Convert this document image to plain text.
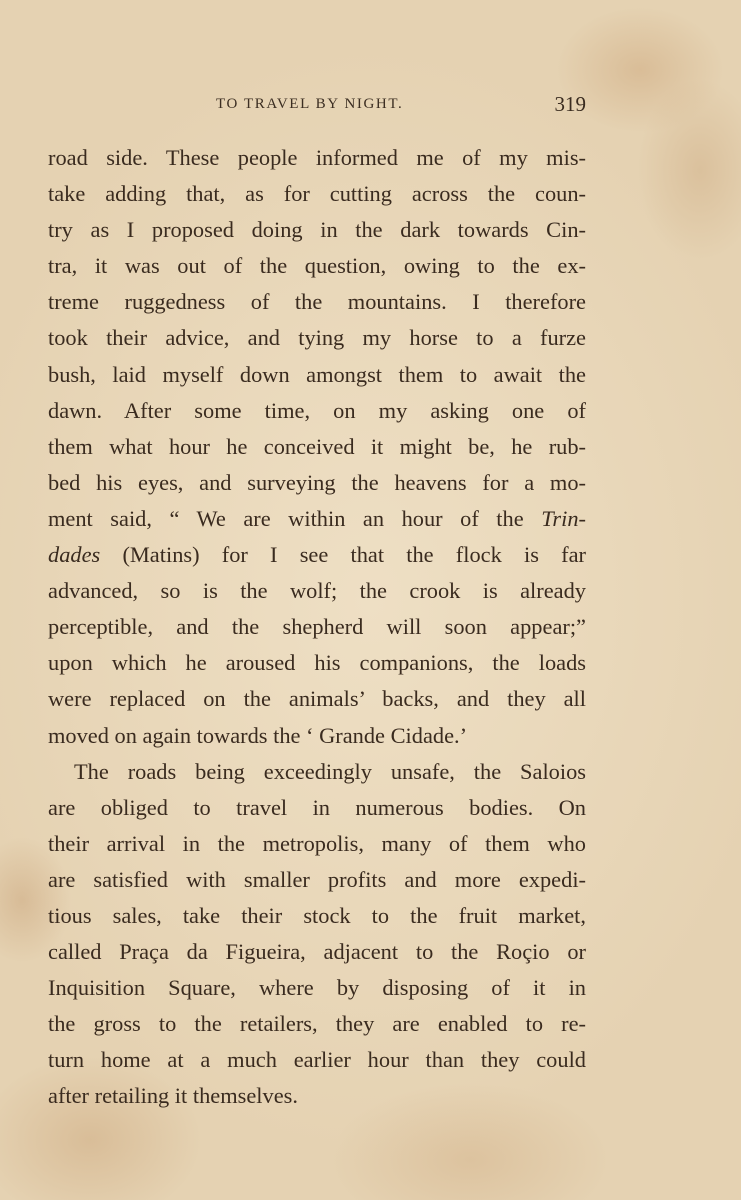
TO TRAVEL BY NIGHT.	319
road side. These people informed me of my mis-
take adding that, as for cutting across the coun-
try as I proposed doing in the dark towards Cin-
tra, it was out of the question, owing to the ex-
treme ruggedness of the mountains. I therefore
took their advice, and tying my horse to a furze
bush, laid myself down amongst them to await the
dawn. After some time, on my asking one of
them what hour he conceived it might be, he rub-
bed his eyes, and surveying the heavens for a mo-
ment said, “ We are within an hour of the Trin-
dades (Matins) for I see that the flock is far
advanced, so is the wolf; the crook is already
perceptible, and the shepherd will soon appear;”
upon which he aroused his companions, the loads
were replaced on the animals’ backs, and they all
moved on again towards the ‘ Grande Cidade.’
The roads being exceedingly unsafe, the Saloios
are obliged to travel in numerous bodies. On
their arrival in the metropolis, many of them who
are satisfied with smaller profits and more expedi-
tious sales, take their stock to the fruit market,
called Praça da Figueira, adjacent to the Roçio or
Inquisition Square, where by disposing of it in
the gross to the retailers, they are enabled to re-
turn home at a much earlier hour than they could
after retailing it themselves.
